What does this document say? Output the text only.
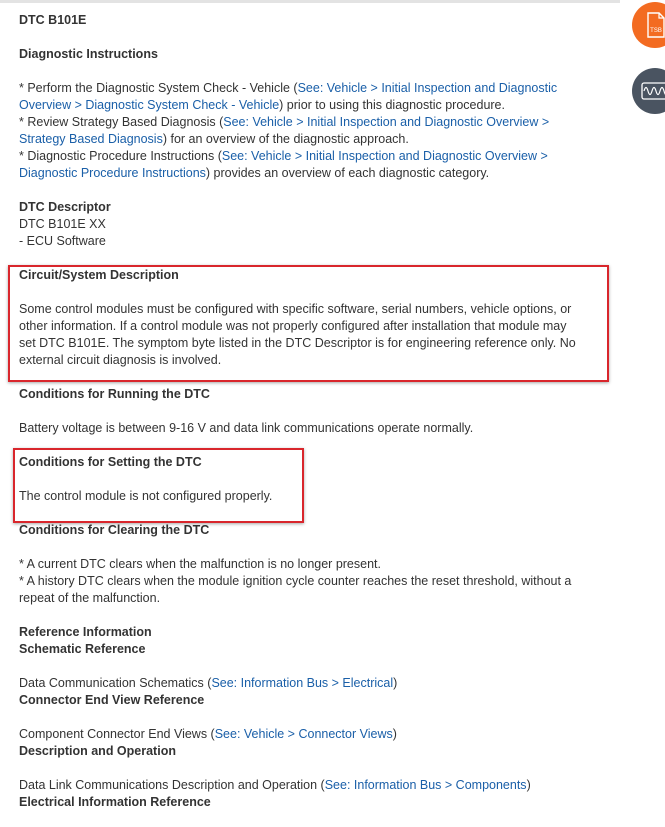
DTC B101E
Diagnostic Instructions
* Perform the Diagnostic System Check - Vehicle (See: Vehicle > Initial Inspection and Diagnostic
Overview > Diagnostic System Check - Vehicle) prior to using this diagnostic procedure.
* Review Strategy Based Diagnosis (See: Vehicle > Initial Inspection and Diagnostic Overview >
Strategy Based Diagnosis) for an overview of the diagnostic approach.
* Diagnostic Procedure Instructions (See: Vehicle > Initial Inspection and Diagnostic Overview >
Diagnostic Procedure Instructions) provides an overview of each diagnostic category.
DTC Descriptor
DTC B101E XX
- ECU Software
Circuit/System Description
Some control modules must be configured with specific software, serial numbers, vehicle options, or
other information. If a control module was not properly configured after installation that module may
set DTC B101E. The symptom byte listed in the DTC Descriptor is for engineering reference only. No
external circuit diagnosis is involved.
Conditions for Running the DTC
Battery voltage is between 9-16 V and data link communications operate normally.
Conditions for Setting the DTC
The control module is not configured properly.
Conditions for Clearing the DTC
* A current DTC clears when the malfunction is no longer present.
* A history DTC clears when the module ignition cycle counter reaches the reset threshold, without a
repeat of the malfunction.
Reference Information
Schematic Reference
Data Communication Schematics (See: Information Bus > Electrical)
Connector End View Reference
Component Connector End Views (See: Vehicle > Connector Views)
Description and Operation
Data Link Communications Description and Operation (See: Information Bus > Components)
Electrical Information Reference
TSB
